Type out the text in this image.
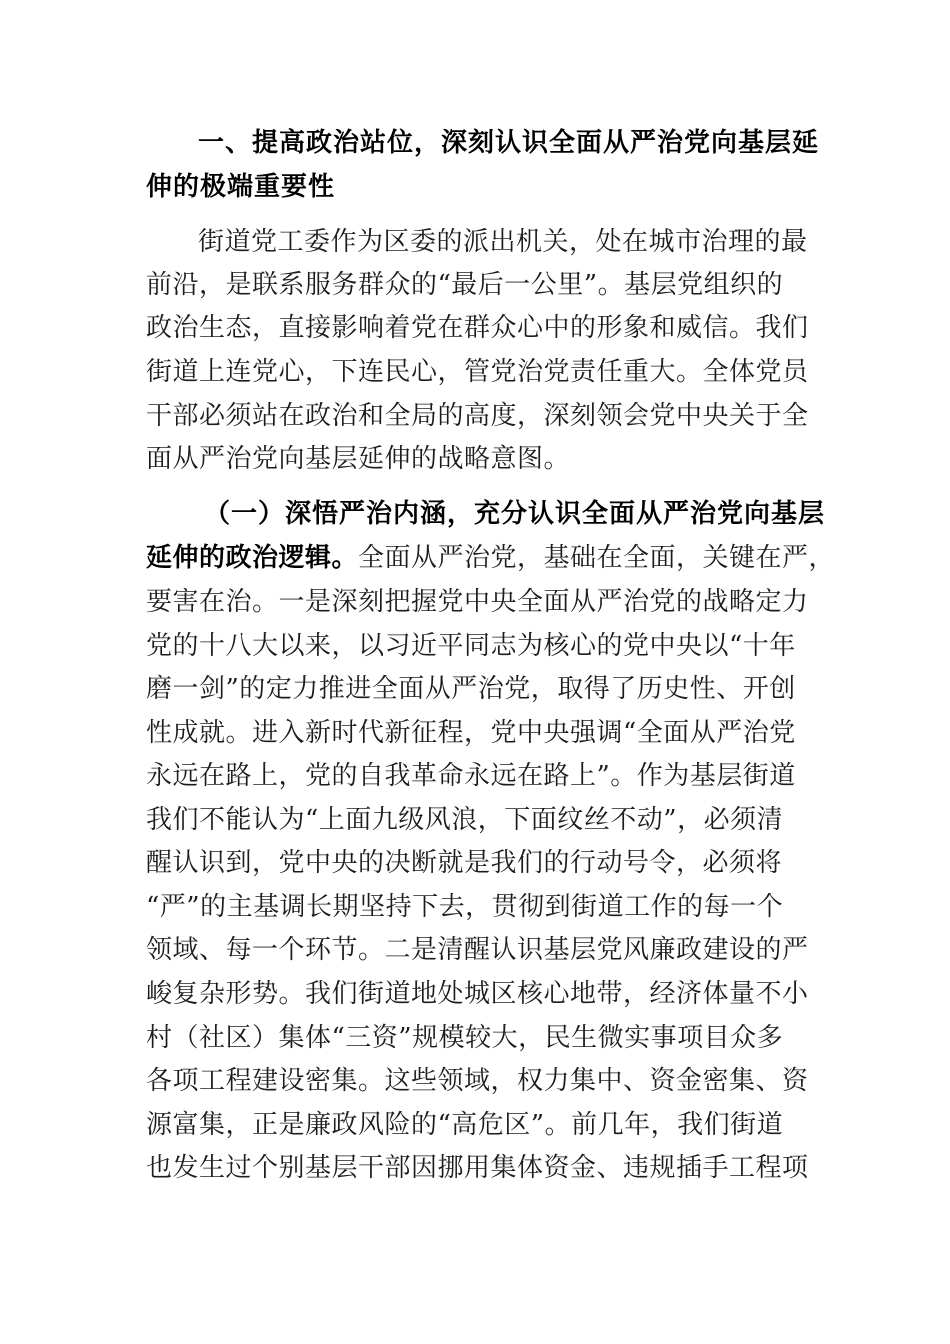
一、提高政治站位，深刻认识全面从严治党向基层延
伸的极端重要性
街道党工委作为区委的派出机关，处在城市治理的最
前沿，是联系服务群众的“最后一公里”。基层党组织的
政治生态，直接影响着党在群众心中的形象和威信。我们
街道上连党心，下连民心，管党治党责任重大。全体党员
干部必须站在政治和全局的高度，深刻领会党中央关于全
面从严治党向基层延伸的战略意图。
（一）深悟严治内涵，充分认识全面从严治党向基层
延伸的政治逻辑。全面从严治党，基础在全面，关键在严，
要害在治。一是深刻把握党中央全面从严治党的战略定力
党的十八大以来，以习近平同志为核心的党中央以“十年
磨一剑”的定力推进全面从严治党，取得了历史性、开创
性成就。进入新时代新征程，党中央强调“全面从严治党
永远在路上，党的自我革命永远在路上”。作为基层街道
我们不能认为“上面九级风浪，下面纹丝不动”，必须清
醒认识到，党中央的决断就是我们的行动号令，必须将
“严”的主基调长期坚持下去，贯彻到街道工作的每一个
领域、每一个环节。二是清醒认识基层党风廉政建设的严
峻复杂形势。我们街道地处城区核心地带，经济体量不小
村（社区）集体“三资”规模较大，民生微实事项目众多
各项工程建设密集。这些领域，权力集中、资金密集、资
源富集，正是廉政风险的“高危区”。前几年，我们街道
也发生过个别基层干部因挪用集体资金、违规插手工程项
